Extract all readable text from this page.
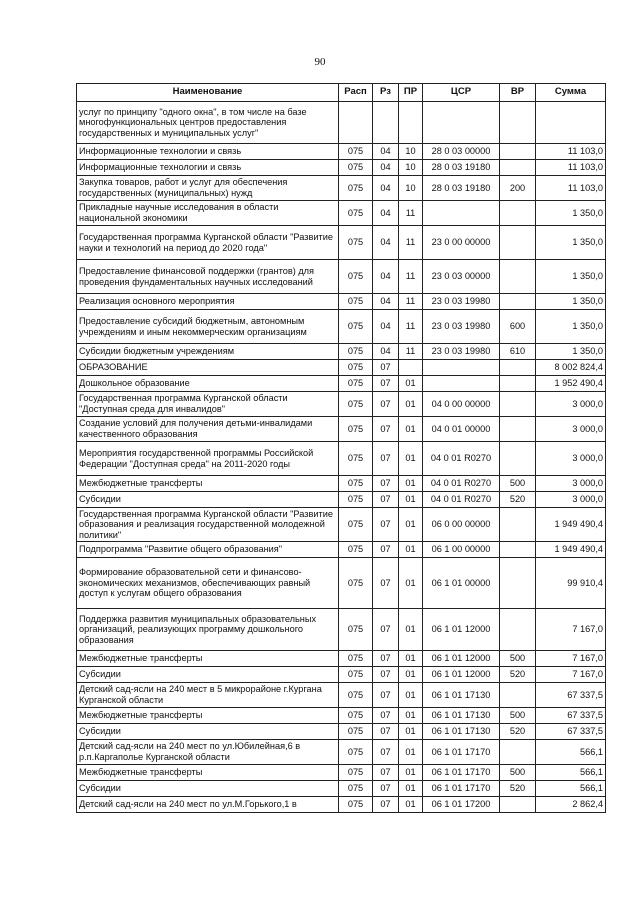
90
Наименование	Расп	Рз	ПР	ЦСР	ВР	Сумма
услуг по принципу "одного окна", в том числе на базе многофункциональных центров предоставления государственных и муниципальных услуг"						
Информационные технологии и связь	075	04	10	28 0 03 00000		11 103,0
Информационные технологии и связь	075	04	10	28 0 03 19180		11 103,0
Закупка товаров, работ и услуг для обеспечения государственных (муниципальных) нужд	075	04	10	28 0 03 19180	200	11 103,0
Прикладные научные исследования в области национальной экономики	075	04	11			1 350,0
Государственная программа Курганской области "Развитие науки и технологий на период до 2020 года"	075	04	11	23 0 00 00000		1 350,0
Предоставление финансовой поддержки (грантов) для проведения фундаментальных научных исследований	075	04	11	23 0 03 00000		1 350,0
Реализация основного мероприятия	075	04	11	23 0 03 19980		1 350,0
Предоставление субсидий бюджетным, автономным учреждениям и иным некоммерческим организациям	075	04	11	23 0 03 19980	600	1 350,0
Субсидии бюджетным учреждениям	075	04	11	23 0 03 19980	610	1 350,0
ОБРАЗОВАНИЕ	075	07				8 002 824,4
Дошкольное образование	075	07	01			1 952 490,4
Государственная программа Курганской области "Доступная среда для инвалидов"	075	07	01	04 0 00 00000		3 000,0
Создание условий для получения детьми-инвалидами качественного образования	075	07	01	04 0 01 00000		3 000,0
Мероприятия государственной программы Российской Федерации "Доступная среда" на 2011-2020 годы	075	07	01	04 0 01 R0270		3 000,0
Межбюджетные трансферты	075	07	01	04 0 01 R0270	500	3 000,0
Субсидии	075	07	01	04 0 01 R0270	520	3 000,0
Государственная программа Курганской области "Развитие образования и реализация государственной молодежной политики"	075	07	01	06 0 00 00000		1 949 490,4
Подпрограмма "Развитие общего образования"	075	07	01	06 1 00 00000		1 949 490,4
Формирование образовательной сети и финансово-экономических механизмов, обеспечивающих равный доступ к услугам общего образования	075	07	01	06 1 01 00000		99 910,4
Поддержка развития муниципальных образовательных организаций, реализующих программу дошкольного образования	075	07	01	06 1 01 12000		7 167,0
Межбюджетные трансферты	075	07	01	06 1 01 12000	500	7 167,0
Субсидии	075	07	01	06 1 01 12000	520	7 167,0
Детский сад-ясли на 240 мест в 5 микрорайоне г.Кургана Курганской области	075	07	01	06 1 01 17130		67 337,5
Межбюджетные трансферты	075	07	01	06 1 01 17130	500	67 337,5
Субсидии	075	07	01	06 1 01 17130	520	67 337,5
Детский сад-ясли на 240 мест по ул.Юбилейная,6 в р.п.Каргаполье Курганской области	075	07	01	06 1 01 17170		566,1
Межбюджетные трансферты	075	07	01	06 1 01 17170	500	566,1
Субсидии	075	07	01	06 1 01 17170	520	566,1
Детский сад-ясли на 240 мест по ул.М.Горького,1 в	075	07	01	06 1 01 17200		2 862,4
